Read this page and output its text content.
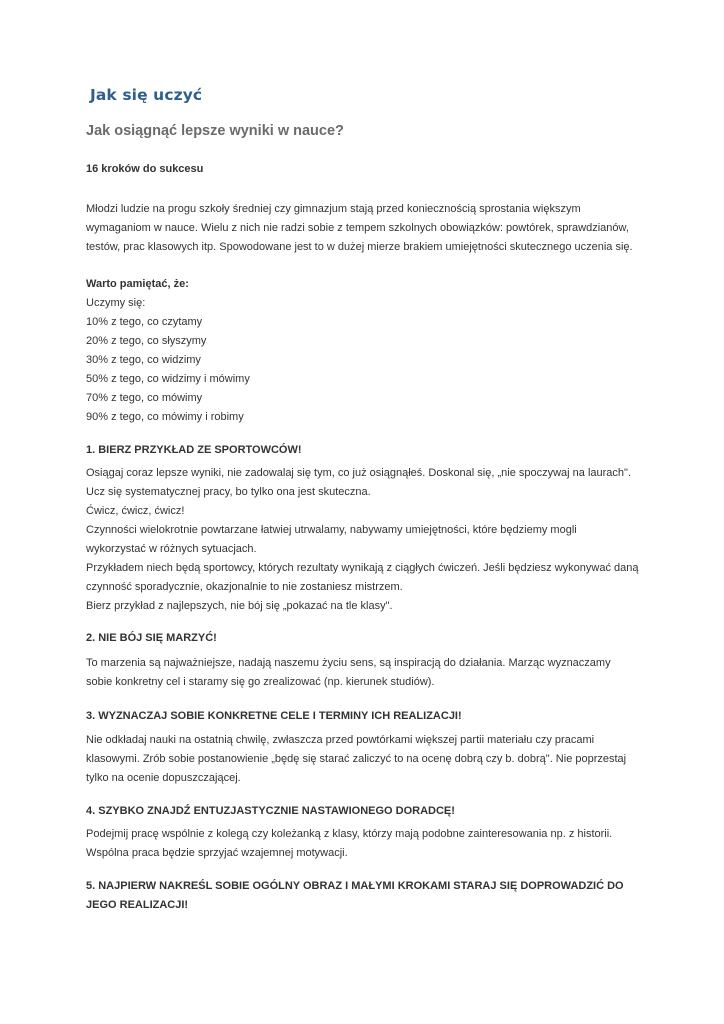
Jak się uczyć
Jak osiągnąć lepsze wyniki w nauce?
16 kroków do sukcesu
Młodzi ludzie na progu szkoły średniej czy gimnazjum stają przed koniecznością sprostania większym
wymaganiom w nauce. Wielu z nich nie radzi sobie z tempem szkolnych obowiązków: powtórek, sprawdzianów,
testów, prac klasowych itp. Spowodowane jest to w dużej mierze brakiem umiejętności skutecznego uczenia się.
Warto pamiętać, że:
Uczymy się:
10% z tego, co czytamy
20% z tego, co słyszymy
30% z tego, co widzimy
50% z tego, co widzimy i mówimy
70% z tego, co mówimy
90% z tego, co mówimy i robimy
1. BIERZ PRZYKŁAD ZE SPORTOWCÓW!
Osiągaj coraz lepsze wyniki, nie zadowalaj się tym, co już osiągnąłeś. Doskonal się, „nie spoczywaj na laurach".
Ucz się systematycznej pracy, bo tylko ona jest skuteczna.
Ćwicz, ćwicz, ćwicz!
Czynności wielokrotnie powtarzane łatwiej utrwalamy, nabywamy umiejętności, które będziemy mogli
wykorzystać w różnych sytuacjach.
Przykładem niech będą sportowcy, których rezultaty wynikają z ciągłych ćwiczeń. Jeśli będziesz wykonywać daną
czynność sporadycznie, okazjonalnie to nie zostaniesz mistrzem.
Bierz przykład z najlepszych, nie bój się „pokazać na tle klasy".
2. NIE BÓJ SIĘ MARZYĆ!
To marzenia są najważniejsze, nadają naszemu życiu sens, są inspiracją do działania. Marząc wyznaczamy
sobie konkretny cel i staramy się go zrealizować (np. kierunek studiów).
3. WYZNACZAJ SOBIE KONKRETNE CELE I TERMINY ICH REALIZACJI!
Nie odkładaj nauki na ostatnią chwilę, zwłaszcza przed powtórkami większej partii materiału czy pracami
klasowymi. Zrób sobie postanowienie „będę się starać zaliczyć to na ocenę dobrą czy b. dobrą". Nie poprzestaj
tylko na ocenie dopuszczającej.
4. SZYBKO ZNAJDŹ ENTUZJASTYCZNIE NASTAWIONEGO DORADCĘ!
Podejmij pracę wspólnie z kolegą czy koleżanką z klasy, którzy mają podobne zainteresowania np. z historii.
Wspólna praca będzie sprzyjać wzajemnej motywacji.
5. NAJPIERW NAKREŚL SOBIE OGÓLNY OBRAZ I MAŁYMI KROKAMI STARAJ SIĘ DOPROWADZIĆ DO
JEGO REALIZACJI!
